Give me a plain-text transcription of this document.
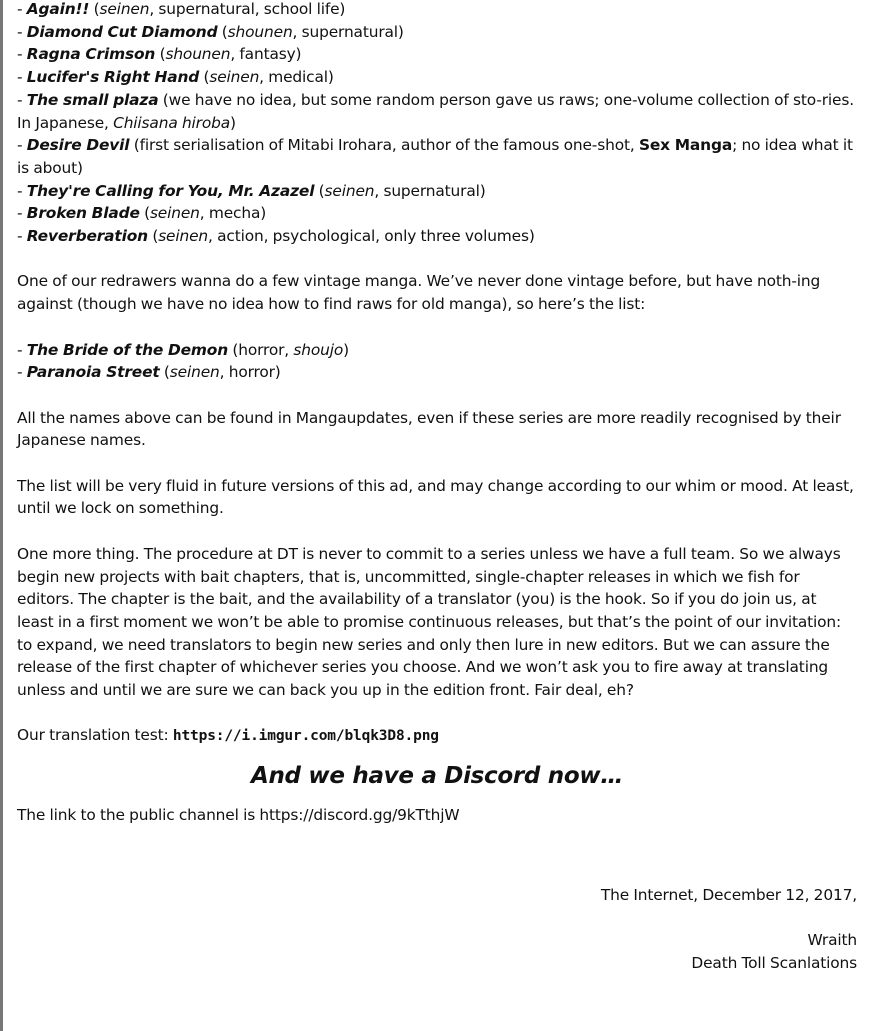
- Again!! (seinen, supernatural, school life)

- Diamond Cut Diamond (shounen, supernatural)

- Ragna Crimson (shounen, fantasy)

- Lucifer's Right Hand (seinen, medical)

- The small plaza (we have no idea, but some random person gave us raws; one-volume collection of sto-ries. In Japanese, Chiisana hiroba)

- Desire Devil (first serialisation of Mitabi Irohara, author of the famous one-shot, Sex Manga; no idea what it is about)

- They're Calling for You, Mr. Azazel (seinen, supernatural)

- Broken Blade (seinen, mecha)

- Reverberation (seinen, action, psychological, only three volumes)

One of our redrawers wanna do a few vintage manga. We’ve never done vintage before, but have noth-ing against (though we have no idea how to find raws for old manga), so here’s the list:

- The Bride of the Demon (horror, shoujo)

- Paranoia Street (seinen, horror)

All the names above can be found in Mangaupdates, even if these series are more readily recognised by their Japanese names.

The list will be very fluid in future versions of this ad, and may change according to our whim or mood. At least, until we lock on something.

One more thing. The procedure at DT is never to commit to a series unless we have a full team. So we always begin new projects with bait chapters, that is, uncommitted, single-chapter releases in which we fish for editors. The chapter is the bait, and the availability of a translator (you) is the hook. So if you do join us, at least in a first moment we won’t be able to promise continuous releases, but that’s the point of our invitation: to expand, we need translators to begin new series and only then lure in new editors. But we can assure the release of the first chapter of whichever series you choose. And we won’t ask you to fire away at translating unless and until we are sure we can back you up in the edition front. Fair deal, eh?

Our translation test: https://i.imgur.com/blqk3D8.png

And we have a Discord now…

The link to the public channel is https://discord.gg/9kTthjW

The Internet, December 12, 2017,

Wraith

Death Toll Scanlations
